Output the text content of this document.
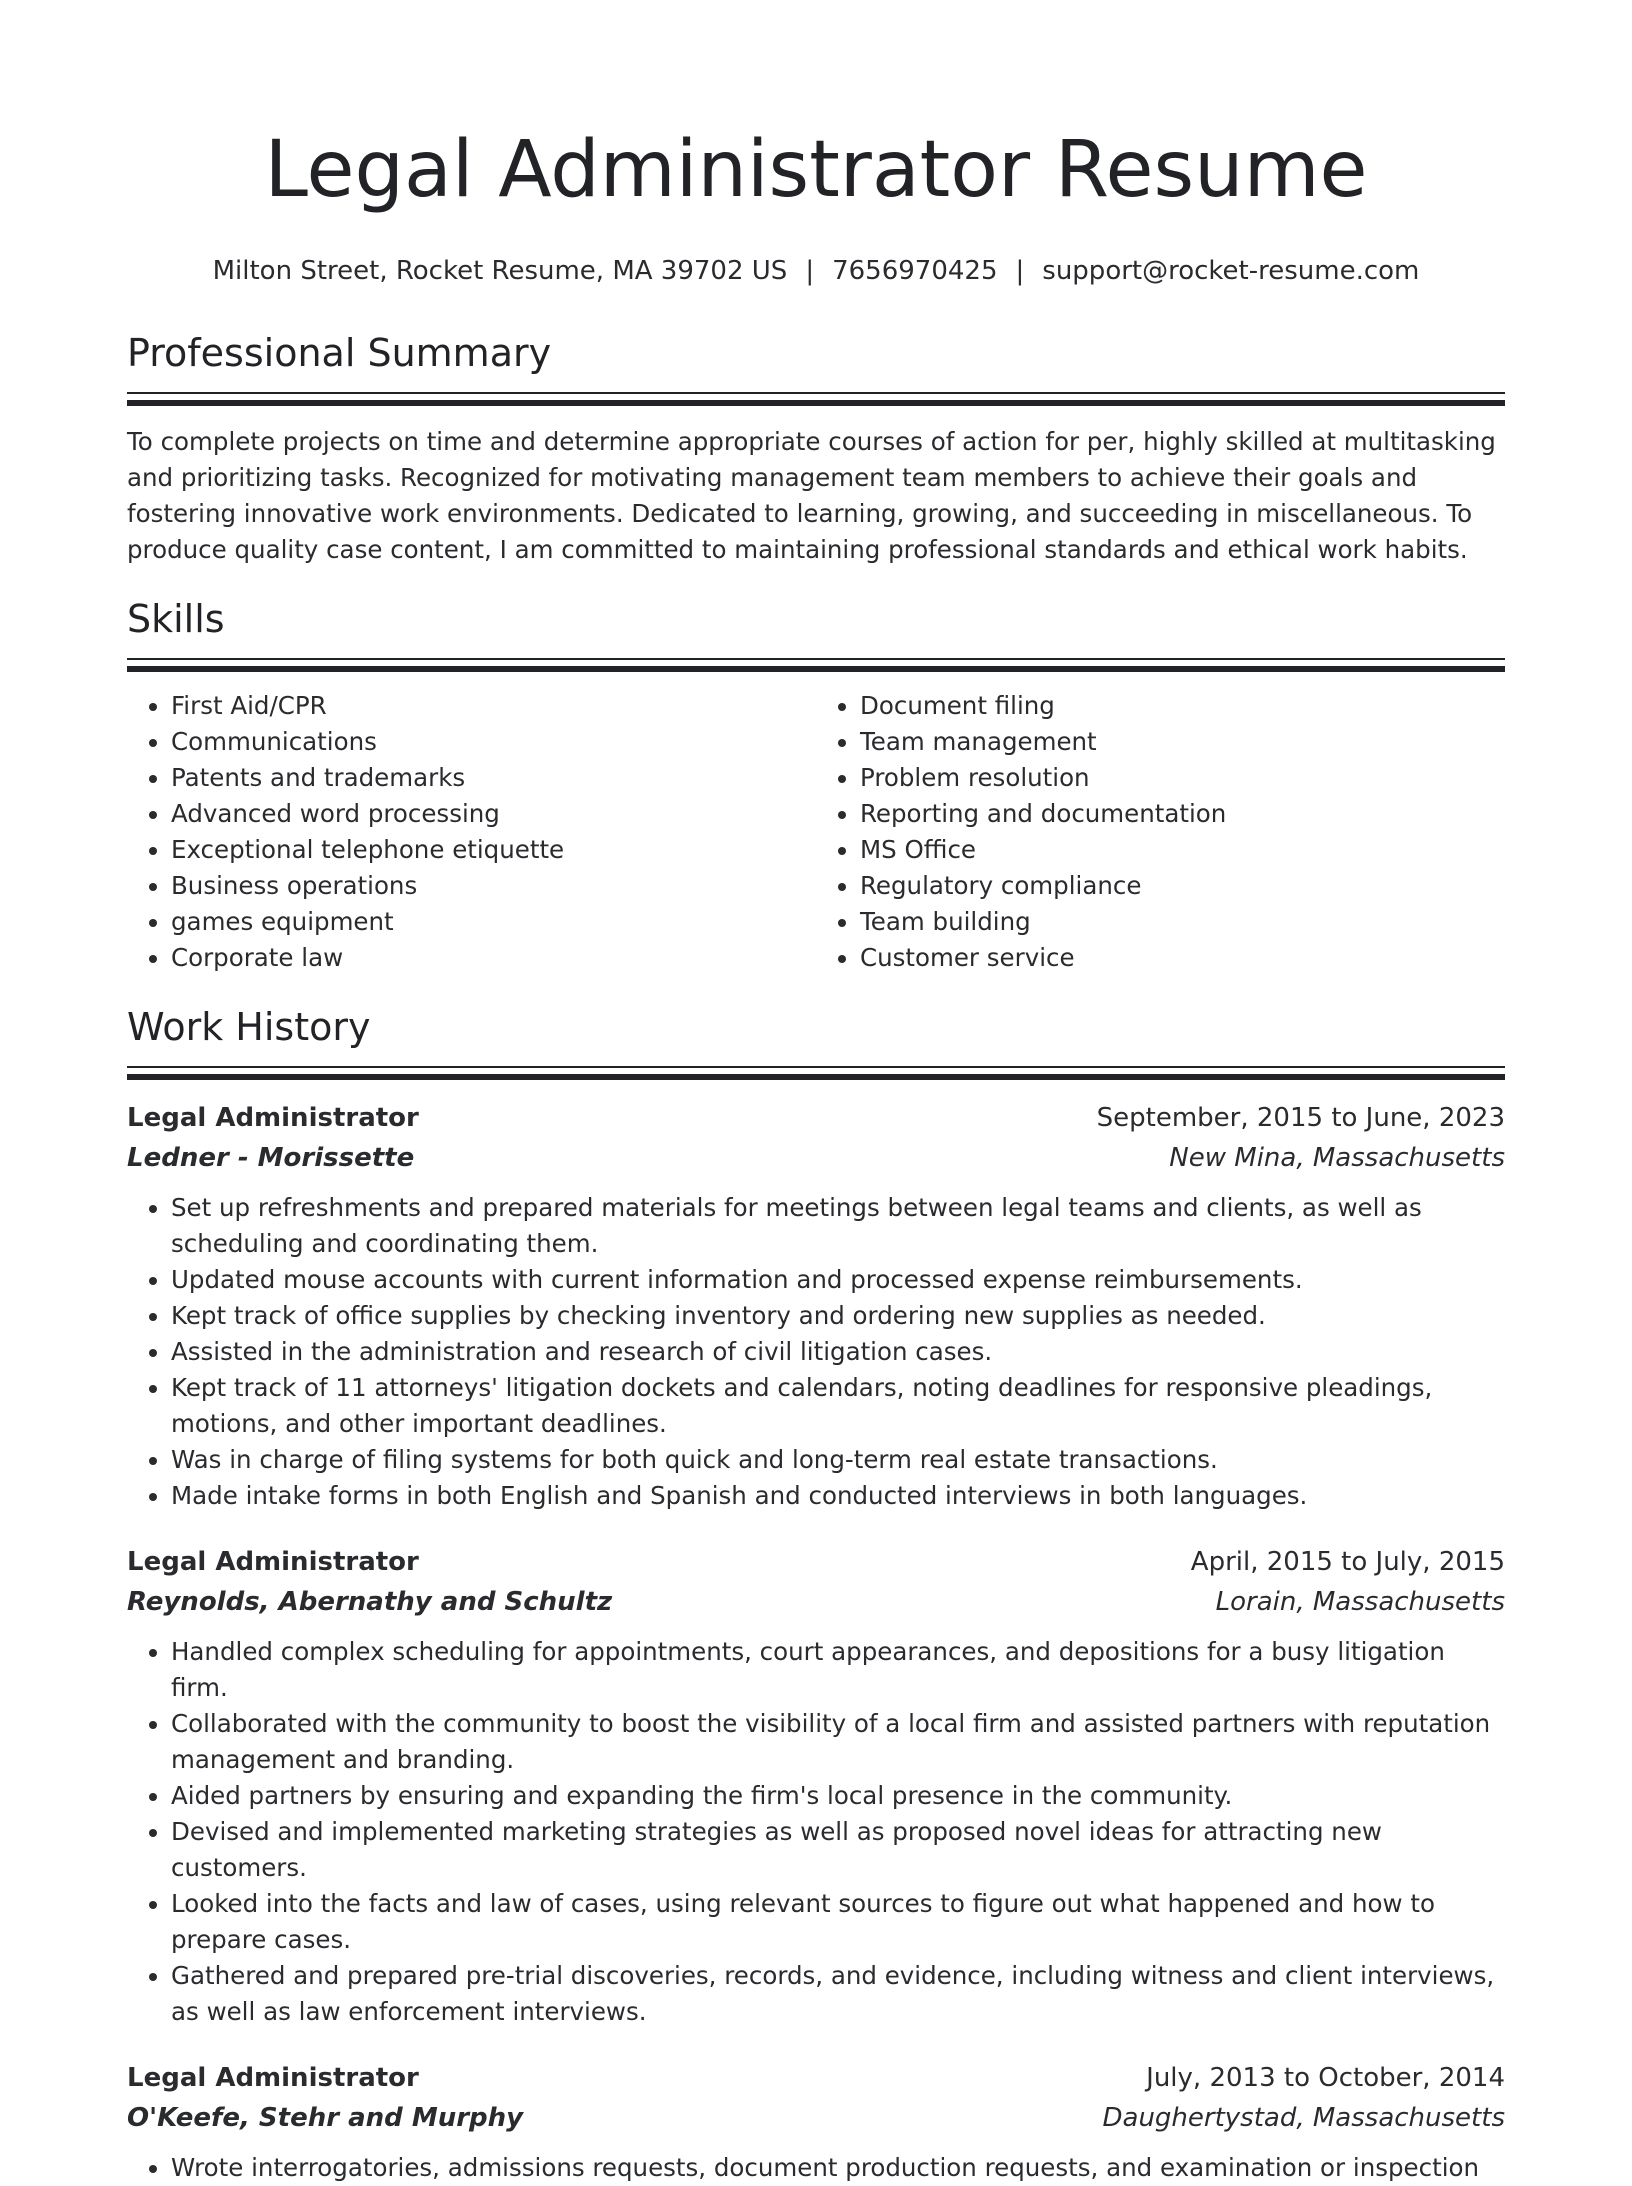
Legal Administrator Resume
Milton Street, Rocket Resume, MA 39702 US | 7656970425 | support@rocket-resume.com
Professional Summary

To complete projects on time and determine appropriate courses of action for per, highly skilled at multitasking and prioritizing tasks. Recognized for motivating management team members to achieve their goals and fostering innovative work environments. Dedicated to learning, growing, and succeeding in miscellaneous. To produce quality case content, I am committed to maintaining professional standards and ethical work habits.

Skills
• First Aid/CPR
• Communications
• Patents and trademarks
• Advanced word processing
• Exceptional telephone etiquette
• Business operations
• games equipment
• Corporate law
• Document filing
• Team management
• Problem resolution
• Reporting and documentation
• MS Office
• Regulatory compliance
• Team building
• Customer service
Work History
Legal Administrator	September, 2015 to June, 2023
Ledner - Morissette	New Mina, Massachusetts
• Set up refreshments and prepared materials for meetings between legal teams and clients, as well as scheduling and coordinating them.
• Updated mouse accounts with current information and processed expense reimbursements.
• Kept track of office supplies by checking inventory and ordering new supplies as needed.
• Assisted in the administration and research of civil litigation cases.
• Kept track of 11 attorneys' litigation dockets and calendars, noting deadlines for responsive pleadings, motions, and other important deadlines.
• Was in charge of filing systems for both quick and long-term real estate transactions.
• Made intake forms in both English and Spanish and conducted interviews in both languages.
Legal Administrator	April, 2015 to July, 2015
Reynolds, Abernathy and Schultz	Lorain, Massachusetts
• Handled complex scheduling for appointments, court appearances, and depositions for a busy litigation firm.
• Collaborated with the community to boost the visibility of a local firm and assisted partners with reputation management and branding.
• Aided partners by ensuring and expanding the firm's local presence in the community.
• Devised and implemented marketing strategies as well as proposed novel ideas for attracting new customers.
• Looked into the facts and law of cases, using relevant sources to figure out what happened and how to prepare cases.
• Gathered and prepared pre-trial discoveries, records, and evidence, including witness and client interviews, as well as law enforcement interviews.
Legal Administrator	July, 2013 to October, 2014
O'Keefe, Stehr and Murphy	Daughertystad, Massachusetts
• Wrote interrogatories, admissions requests, document production requests, and examination or inspection
